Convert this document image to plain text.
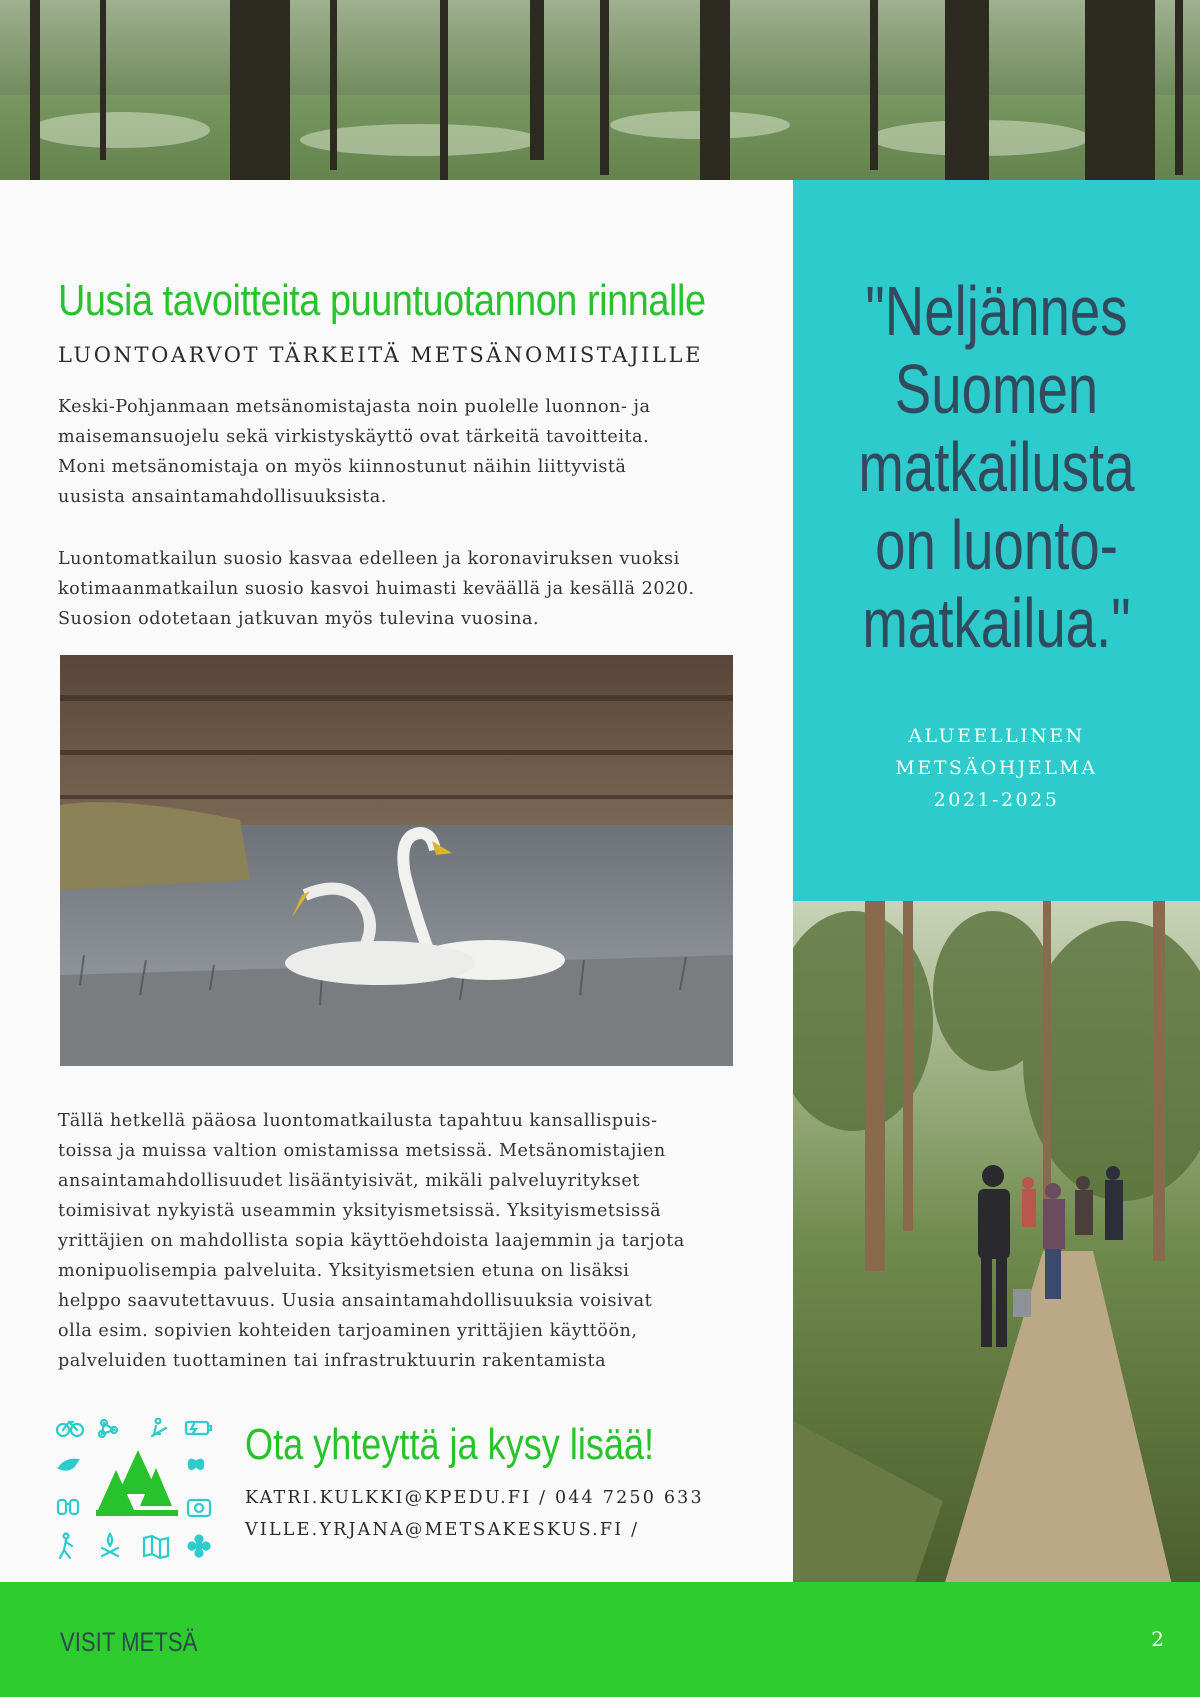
Uusia tavoitteita puuntuotannon rinnalle
LUONTOARVOT TÄRKEITÄ METSÄNOMISTAJILLE
Keski-Pohjanmaan metsänomistajasta noin puolelle luonnon- ja
maisemansuojelu sekä virkistyskäyttö ovat tärkeitä tavoitteita.
Moni metsänomistaja on myös kiinnostunut näihin liittyvistä
uusista ansaintamahdollisuuksista.
Luontomatkailun suosio kasvaa edelleen ja koronaviruksen vuoksi
kotimaanmatkailun suosio kasvoi huimasti keväällä ja kesällä 2020.
Suosion odotetaan jatkuvan myös tulevina vuosina.
Tällä hetkellä pääosa luontomatkailusta tapahtuu kansallispuis-
toissa ja muissa valtion omistamissa metsissä. Metsänomistajien
ansaintamahdollisuudet lisääntyisivät, mikäli palveluyritykset
toimisivat nykyistä useammin yksityismetsissä. Yksityismetsissä
yrittäjien on mahdollista sopia käyttöehdoista laajemmin ja tarjota
monipuolisempia palveluita. Yksityismetsien etuna on lisäksi
helppo saavutettavuus. Uusia ansaintamahdollisuuksia voisivat
olla esim. sopivien kohteiden tarjoaminen yrittäjien käyttöön,
palveluiden tuottaminen tai infrastruktuurin rakentamista
Ota yhteyttä ja kysy lisää!
KATRI.KULKKI@KPEDU.FI / 044 7250 633
VILLE.YRJANA@METSAKESKUS.FI /
"Neljännes
Suomen
matkailusta
on luonto-
matkailua."
ALUEELLINEN
METSÄOHJELMA
2021-2025
VISIT METSÄ	2
